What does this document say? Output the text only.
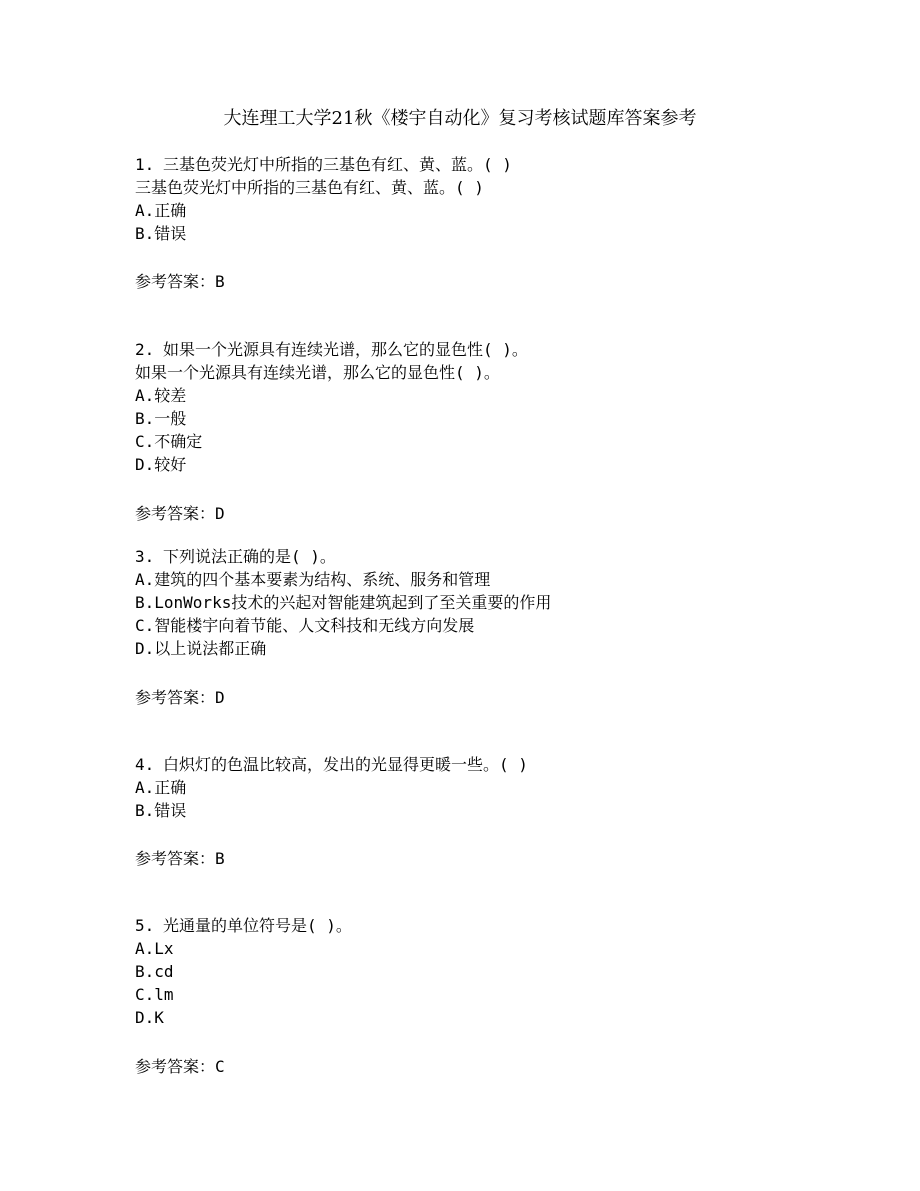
大连理工大学21秋《楼宇自动化》复习考核试题库答案参考
1. 三基色荧光灯中所指的三基色有红、黄、蓝。( )
三基色荧光灯中所指的三基色有红、黄、蓝。( )
A.正确
B.错误
参考答案：B
2. 如果一个光源具有连续光谱，那么它的显色性( )。
如果一个光源具有连续光谱，那么它的显色性( )。
A.较差
B.一般
C.不确定
D.较好
参考答案：D
3. 下列说法正确的是( )。
A.建筑的四个基本要素为结构、系统、服务和管理
B.LonWorks技术的兴起对智能建筑起到了至关重要的作用
C.智能楼宇向着节能、人文科技和无线方向发展
D.以上说法都正确
参考答案：D
4. 白炽灯的色温比较高，发出的光显得更暖一些。( )
A.正确
B.错误
参考答案：B
5. 光通量的单位符号是( )。
A.Lx
B.cd
C.lm
D.K
参考答案：C
